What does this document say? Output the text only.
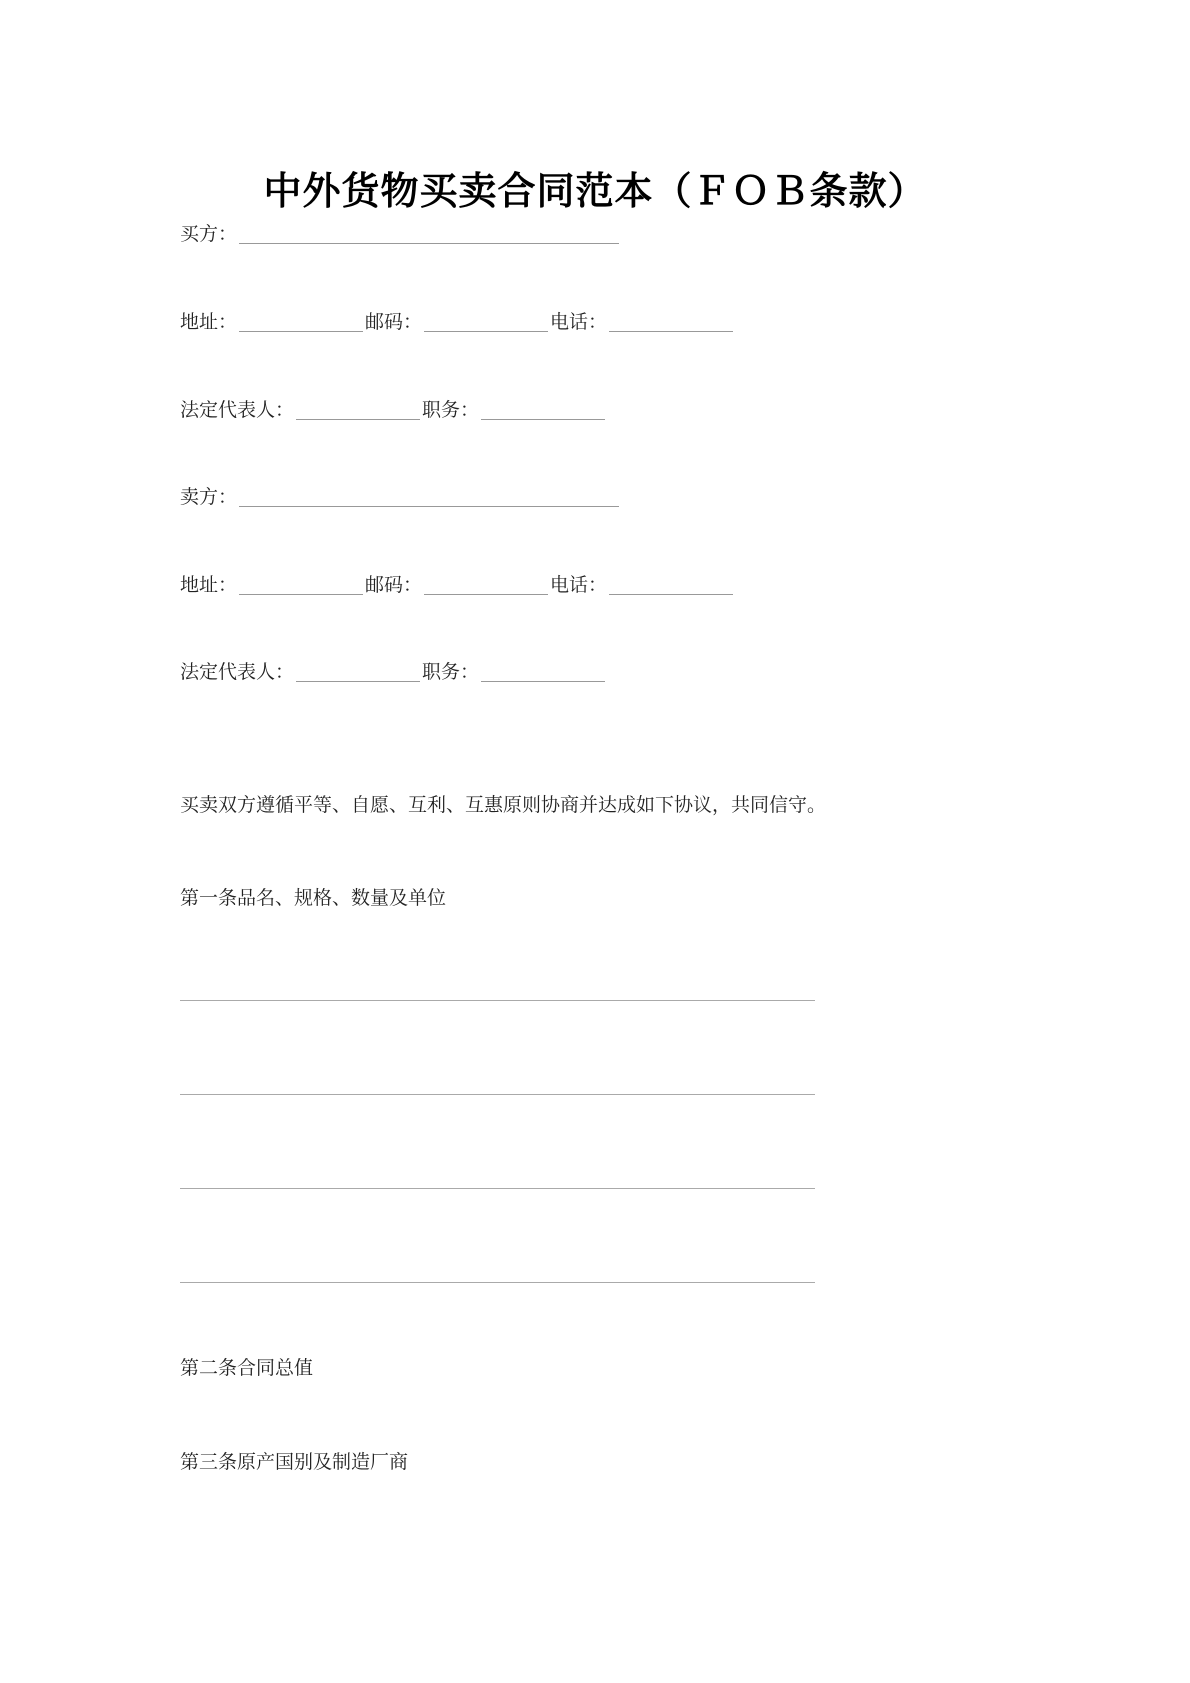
中外货物买卖合同范本（ＦＯＢ条款）
买方：
地址：	邮码：	电话：
法定代表人：	职务：
卖方：
地址：	邮码：	电话：
法定代表人：	职务：
买卖双方遵循平等、自愿、互利、互惠原则协商并达成如下协议，共同信守。
第一条品名、规格、数量及单位
第二条合同总值
第三条原产国别及制造厂商
